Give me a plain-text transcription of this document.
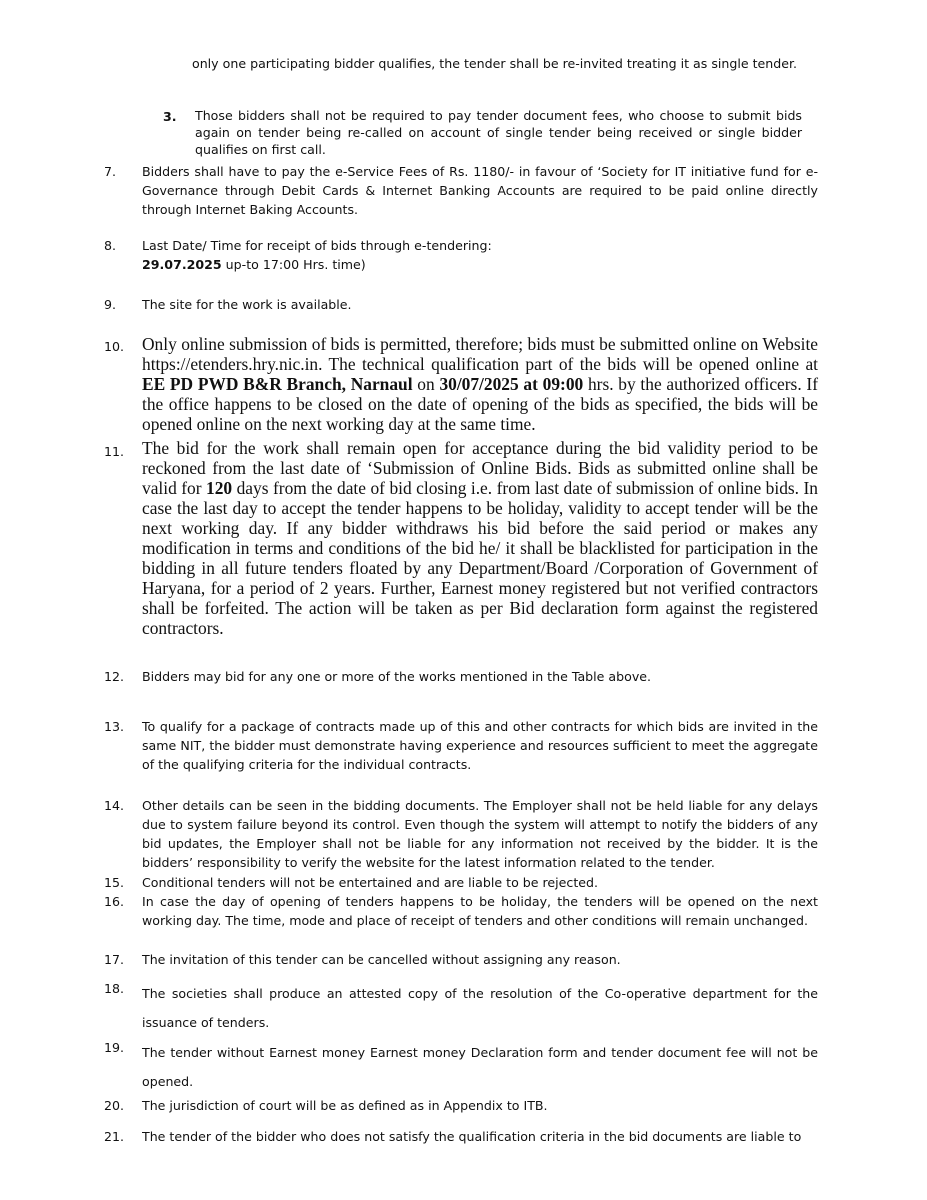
only one participating bidder qualifies, the tender shall be re-invited treating it as single tender.
3. Those bidders shall not be required to pay tender document fees, who choose to submit bids again on tender being re-called on account of single tender being received or single bidder qualifies on first call.
7. Bidders shall have to pay the e-Service Fees of Rs. 1180/- in favour of ‘Society for IT initiative fund for e-Governance through Debit Cards & Internet Banking Accounts are required to be paid online directly through Internet Baking Accounts.
8. Last Date/ Time for receipt of bids through e-tendering:
29.07.2025 up-to 17:00 Hrs. time)
9. The site for the work is available.
10. Only online submission of bids is permitted, therefore; bids must be submitted online on Website https://etenders.hry.nic.in. The technical qualification part of the bids will be opened online at EE PD PWD B&R Branch, Narnaul on 30/07/2025 at 09:00 hrs. by the authorized officers. If the office happens to be closed on the date of opening of the bids as specified, the bids will be opened online on the next working day at the same time.
11. The bid for the work shall remain open for acceptance during the bid validity period to be reckoned from the last date of ‘Submission of Online Bids. Bids as submitted online shall be valid for 120 days from the date of bid closing i.e. from last date of submission of online bids. In case the last day to accept the tender happens to be holiday, validity to accept tender will be the next working day. If any bidder withdraws his bid before the said period or makes any modification in terms and conditions of the bid he/ it shall be blacklisted for participation in the bidding in all future tenders floated by any Department/Board /Corporation of Government of Haryana, for a period of 2 years. Further, Earnest money registered but not verified contractors shall be forfeited. The action will be taken as per Bid declaration form against the registered contractors.
12. Bidders may bid for any one or more of the works mentioned in the Table above.
13. To qualify for a package of contracts made up of this and other contracts for which bids are invited in the same NIT, the bidder must demonstrate having experience and resources sufficient to meet the aggregate of the qualifying criteria for the individual contracts.
14. Other details can be seen in the bidding documents. The Employer shall not be held liable for any delays due to system failure beyond its control. Even though the system will attempt to notify the bidders of any bid updates, the Employer shall not be liable for any information not received by the bidder. It is the bidders’ responsibility to verify the website for the latest information related to the tender.
15. Conditional tenders will not be entertained and are liable to be rejected.
16. In case the day of opening of tenders happens to be holiday, the tenders will be opened on the next working day. The time, mode and place of receipt of tenders and other conditions will remain unchanged.
17. The invitation of this tender can be cancelled without assigning any reason.
18. The societies shall produce an attested copy of the resolution of the Co-operative department for the issuance of tenders.
19. The tender without Earnest money Earnest money Declaration form and tender document fee will not be opened.
20. The jurisdiction of court will be as defined as in Appendix to ITB.
21. The tender of the bidder who does not satisfy the qualification criteria in the bid documents are liable to
